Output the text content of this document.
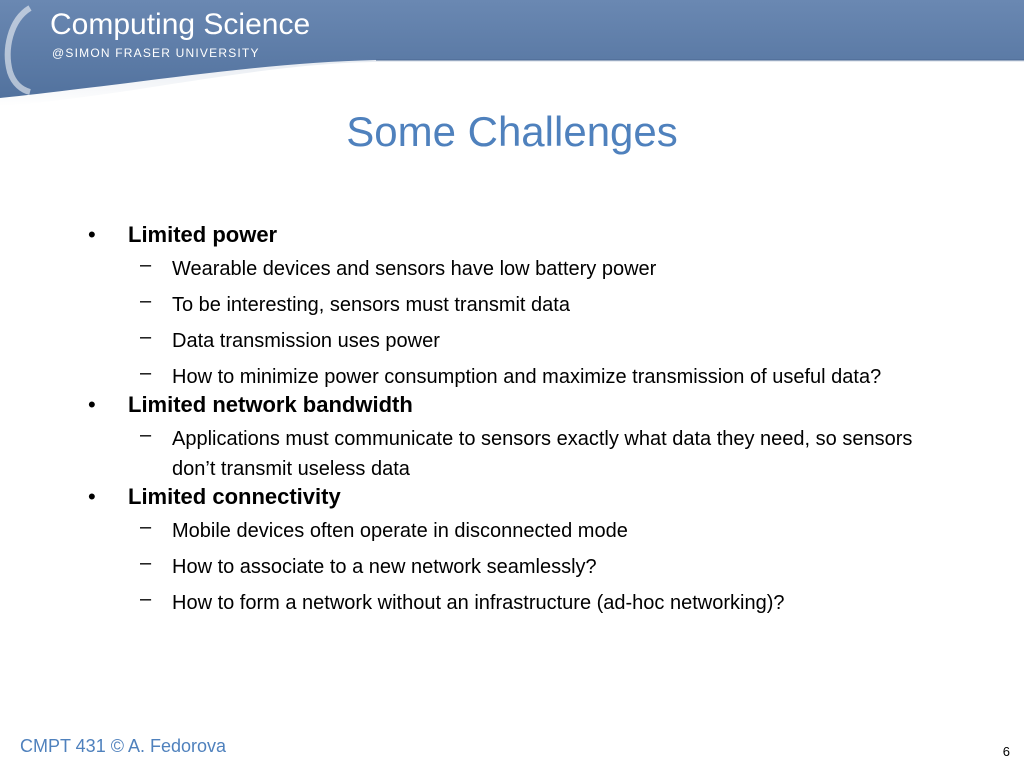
Computing Science
@SIMON FRASER UNIVERSITY
Some Challenges
•	Limited power
–	Wearable devices and sensors have low battery power
–	To be interesting, sensors must transmit data
–	Data transmission uses power
–	How to minimize power consumption and maximize transmission of useful data?
•	Limited network bandwidth
–	Applications must communicate to sensors exactly what data they need, so sensors don’t transmit useless data
•	Limited connectivity
–	Mobile devices often operate in disconnected mode
–	How to associate to a new network seamlessly?
–	How to form a network without an infrastructure (ad-hoc networking)?
CMPT 431 © A. Fedorova	6
